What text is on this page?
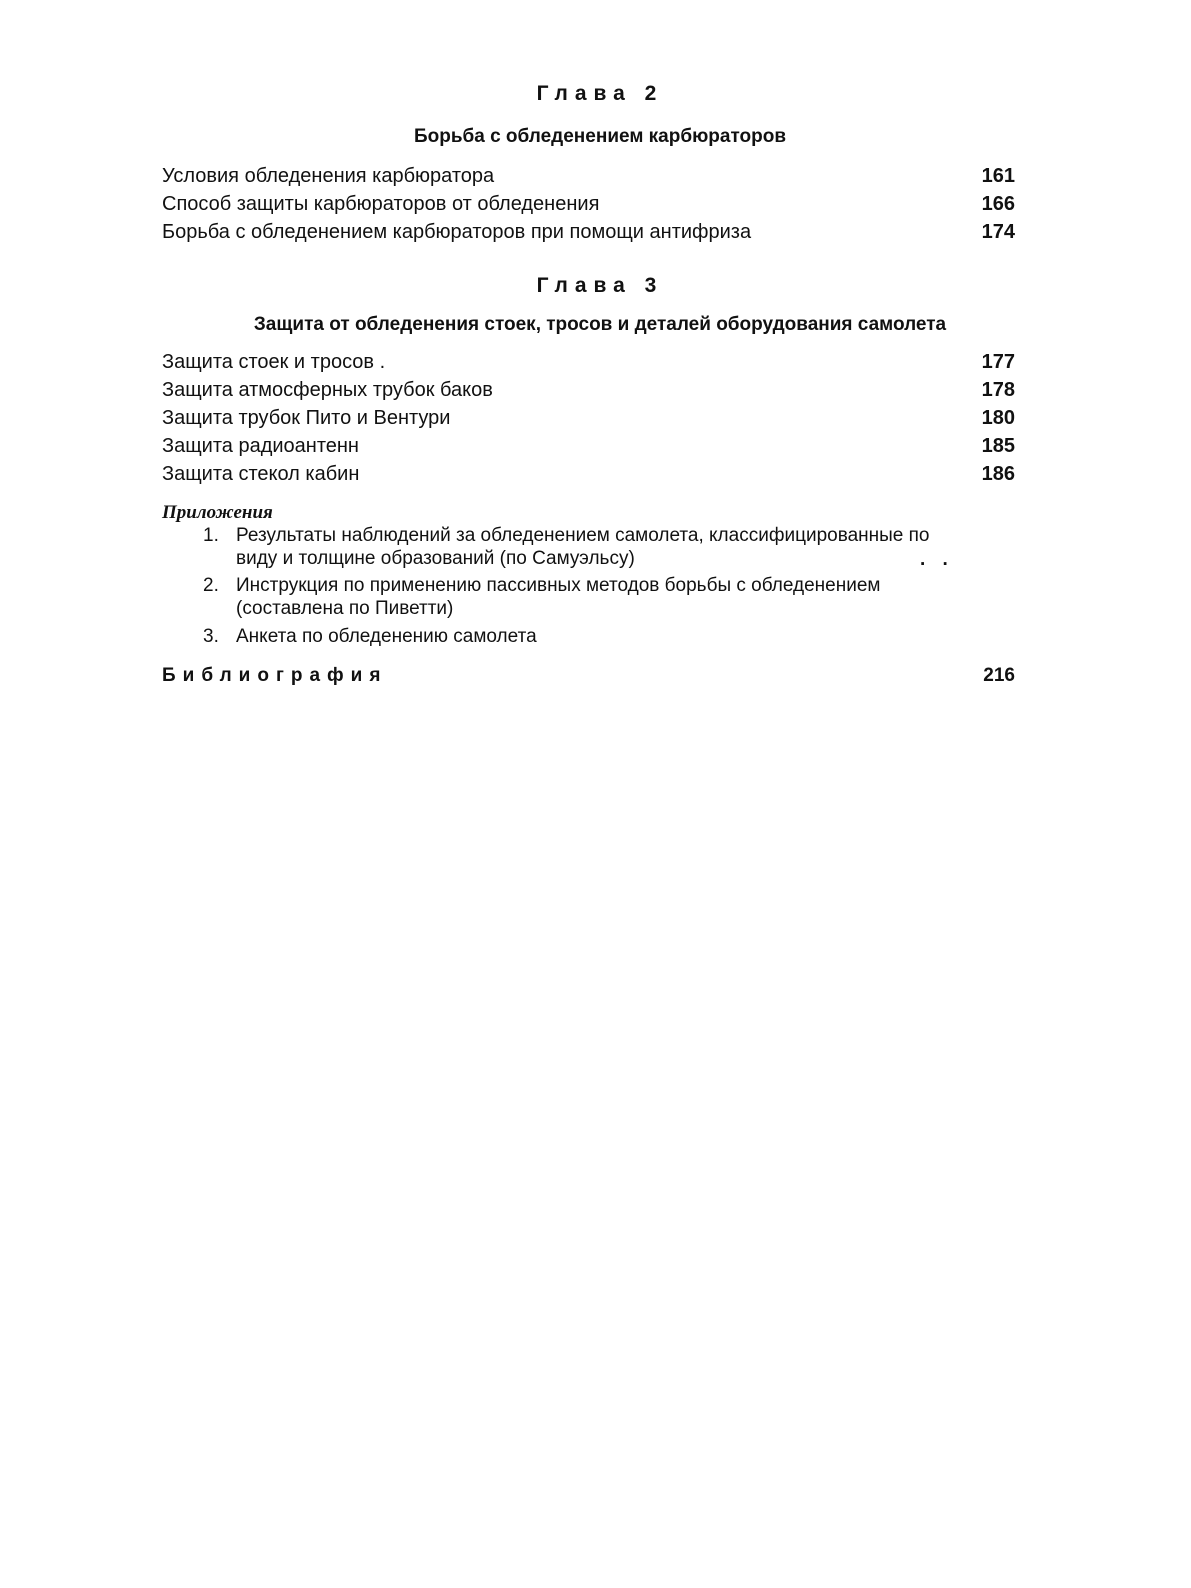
Глава 2
Борьба с обледенением карбюраторов
Условия обледенения карбюратора	161
Способ защиты карбюраторов от обледенения	166
Борьба с обледенением карбюраторов при помощи антифриза	174
Глава 3
Защита от обледенения стоек, тросов и деталей оборудования самолета
Защита стоек и тросов .	177
Защита атмосферных трубок баков	178
Защита трубок Пито и Вентури	180
Защита радиоантенн	185
Защита стекол кабин	186
Приложения
1. Результаты наблюдений за обледенением самолета, классифицированные по виду и толщине образований (по Самуэльсу)	. .
2. Инструкция по применению пассивных методов борьбы с обледенением (составлена по Пиветти)
3. Анкета по обледенению самолета
Библиография	216
